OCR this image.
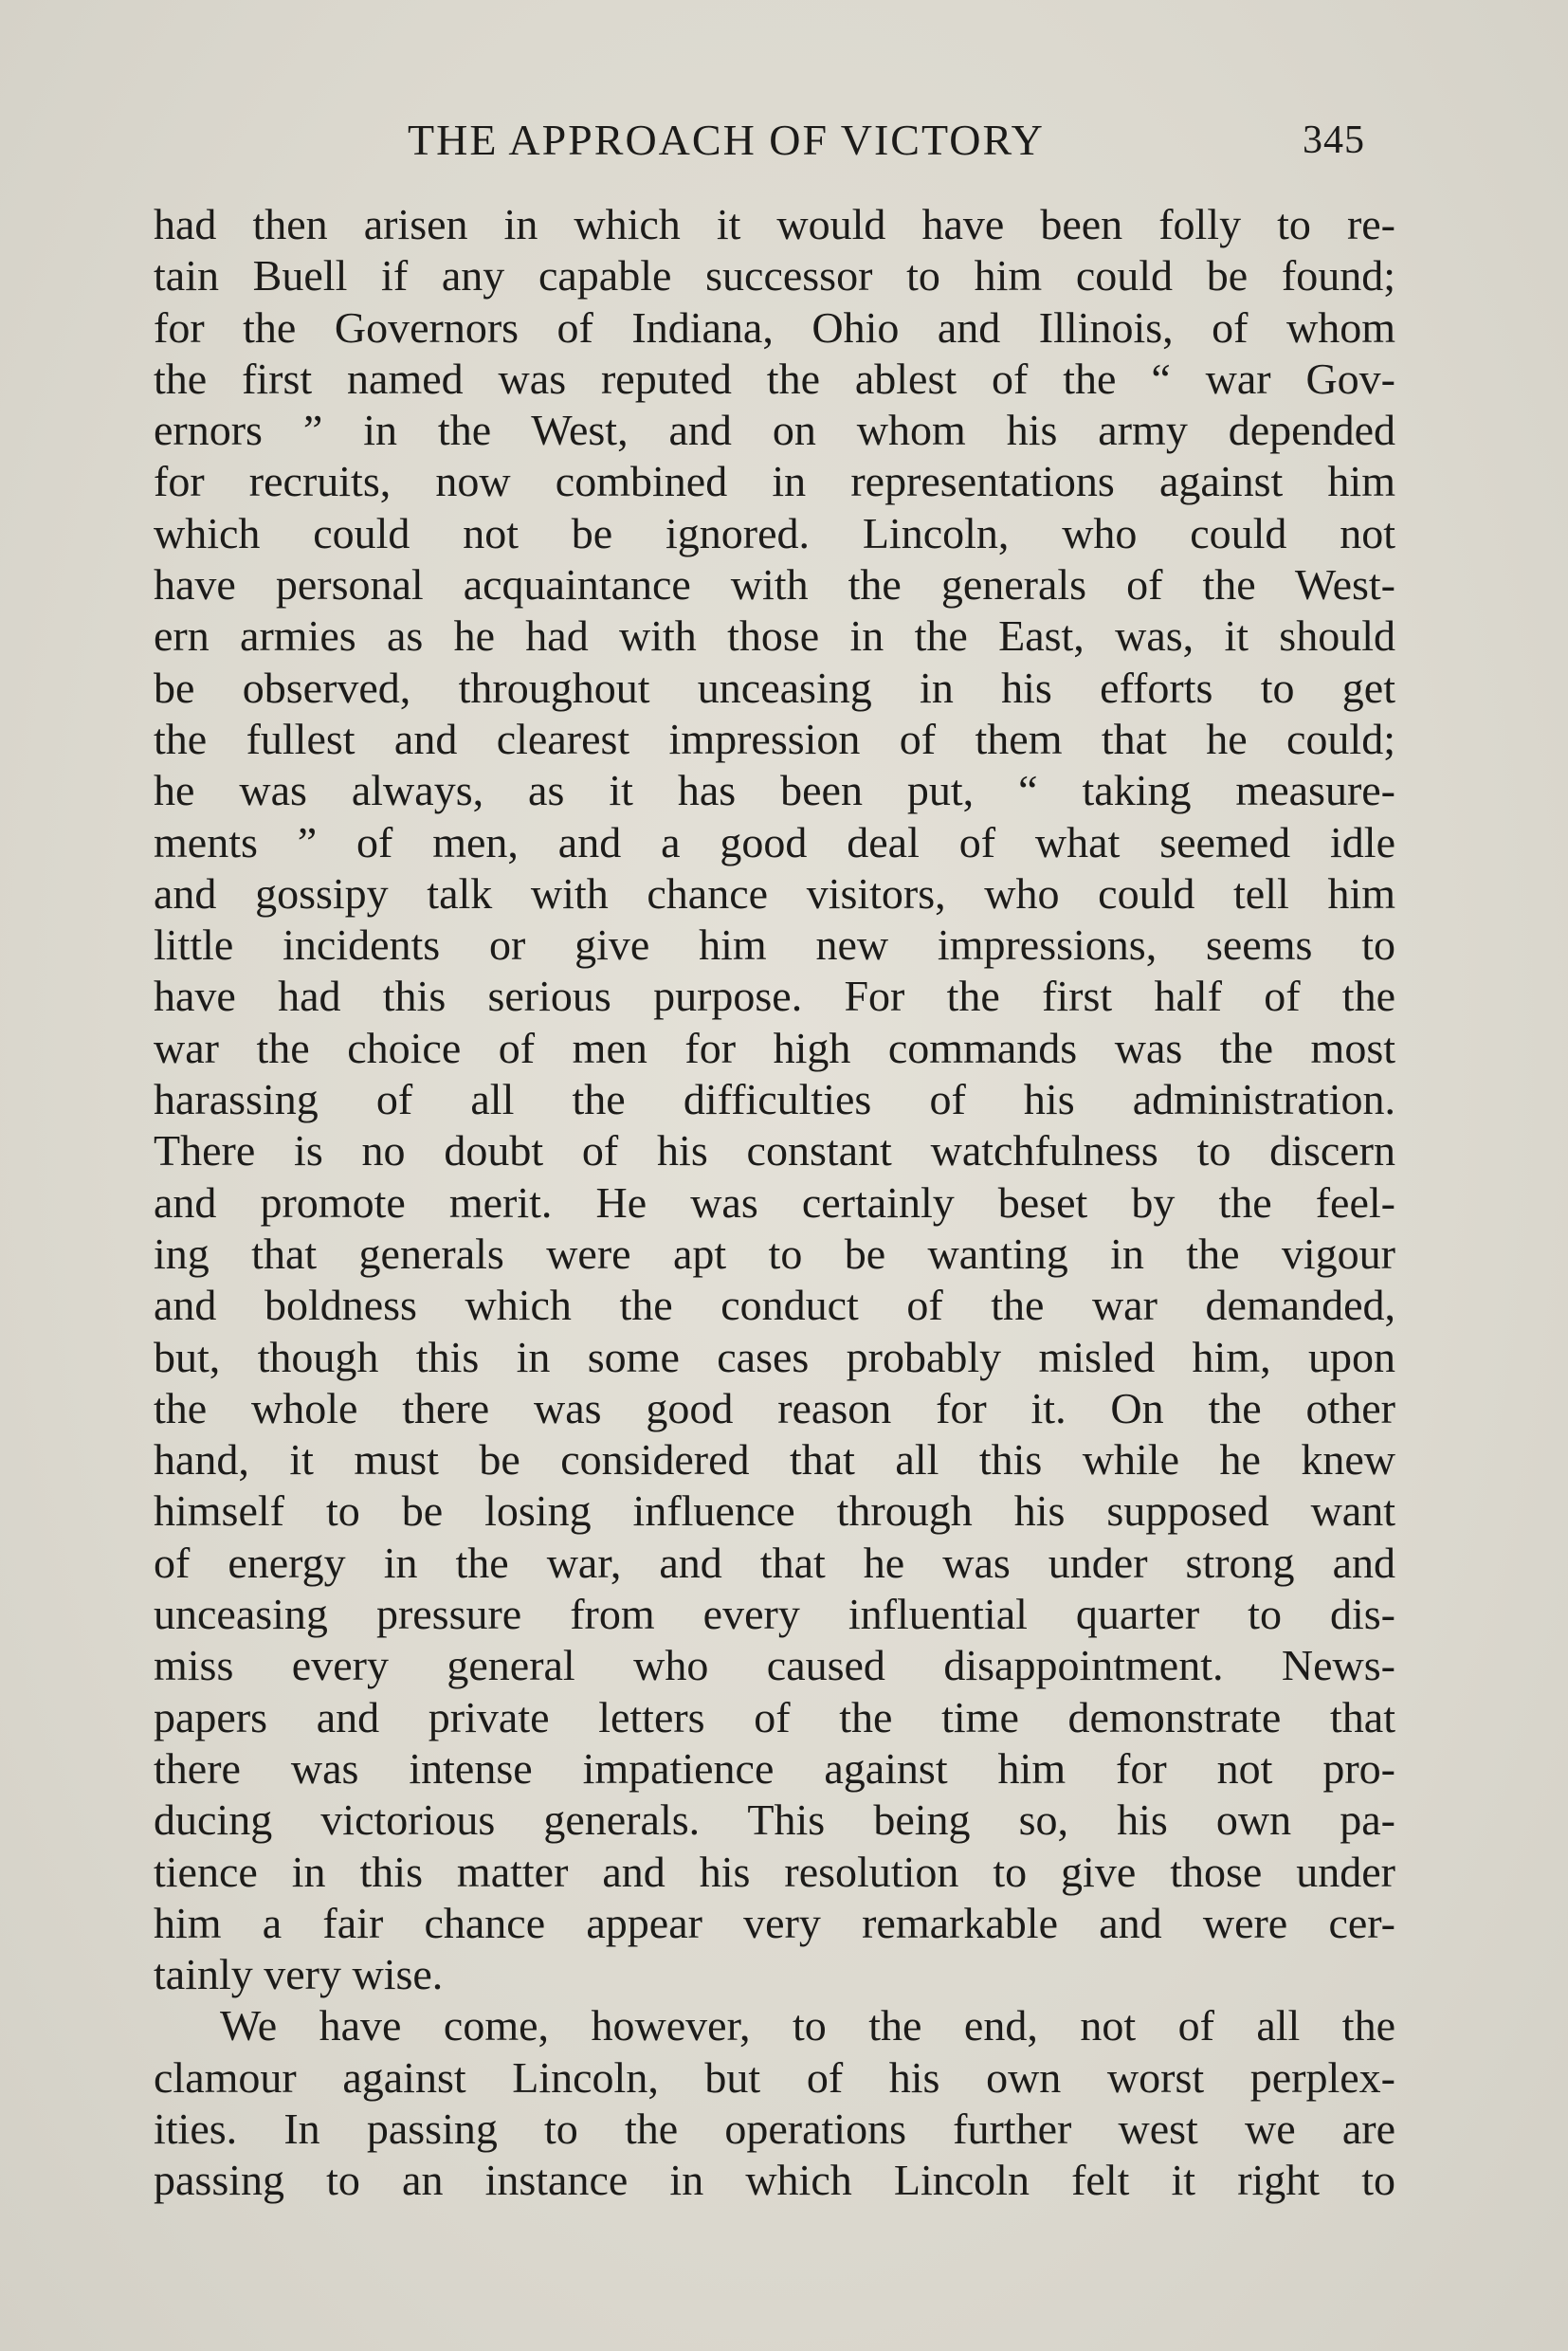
THE APPROACH OF VICTORY	345
had then arisen in which it would have been folly to re-
tain Buell if any capable successor to him could be found;
for the Governors of Indiana, Ohio and Illinois, of whom
the first named was reputed the ablest of the “ war Gov-
ernors ” in the West, and on whom his army depended
for recruits, now combined in representations against him
which could not be ignored. Lincoln, who could not
have personal acquaintance with the generals of the West-
ern armies as he had with those in the East, was, it should
be observed, throughout unceasing in his efforts to get
the fullest and clearest impression of them that he could;
he was always, as it has been put, “ taking measure-
ments ” of men, and a good deal of what seemed idle
and gossipy talk with chance visitors, who could tell him
little incidents or give him new impressions, seems to
have had this serious purpose. For the first half of the
war the choice of men for high commands was the most
harassing of all the difficulties of his administration.
There is no doubt of his constant watchfulness to discern
and promote merit. He was certainly beset by the feel-
ing that generals were apt to be wanting in the vigour
and boldness which the conduct of the war demanded,
but, though this in some cases probably misled him, upon
the whole there was good reason for it. On the other
hand, it must be considered that all this while he knew
himself to be losing influence through his supposed want
of energy in the war, and that he was under strong and
unceasing pressure from every influential quarter to dis-
miss every general who caused disappointment. News-
papers and private letters of the time demonstrate that
there was intense impatience against him for not pro-
ducing victorious generals. This being so, his own pa-
tience in this matter and his resolution to give those under
him a fair chance appear very remarkable and were cer-
tainly very wise.
We have come, however, to the end, not of all the
clamour against Lincoln, but of his own worst perplex-
ities. In passing to the operations further west we are
passing to an instance in which Lincoln felt it right to
